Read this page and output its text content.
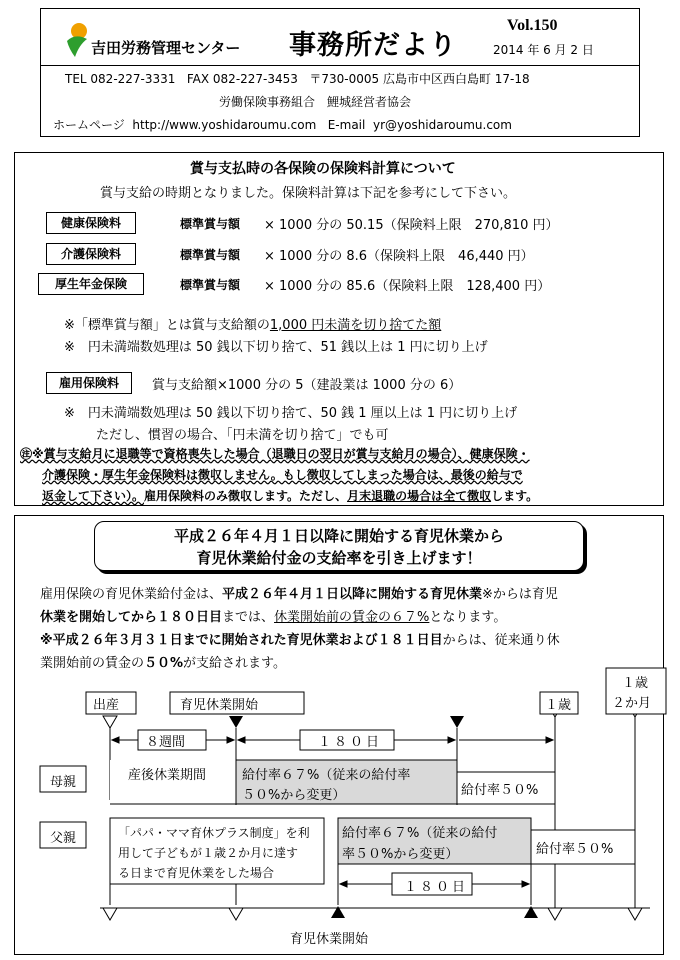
吉田労務管理センター 事務所だより
Vol.150
2014 年 6 月 2 日
TEL 082-227-3331   FAX 082-227-3453   〒730-0005 広島市中区西白島町 17-18
労働保険事務組合　鯉城経営者協会
ホームページ  http://www.yoshidaroumu.com   E-mail  yr@yoshidaroumu.com
賞与支払時の各保険の保険料計算について
賞与支給の時期となりました。保険料計算は下記を参考にして下さい。
健康保険料	標準賞与額 × 1000 分の 50.15（保険料上限　270,810 円）
介護保険料	標準賞与額 × 1000 分の 8.6（保険料上限　46,440 円）
厚生年金保険	標準賞与額 × 1000 分の 85.6（保険料上限　128,400 円）
※「標準賞与額」とは賞与支給額の1,000 円未満を切り捨てた額
※　円未満端数処理は 50 銭以下切り捨て、51 銭以上は 1 円に切り上げ
雇用保険料	賞与支給額×1000 分の 5（建設業は 1000 分の 6）
※　円未満端数処理は 50 銭以下切り捨て、50 銭 1 厘以上は 1 円に切り上げ
ただし、慣習の場合、「円未満を切り捨て」でも可
㊟※賞与支給月に退職等で資格喪失した場合（退職日の翌日が賞与支給月の場合）、健康保険・
介護保険・厚生年金保険料は徴収しません。もし徴収してしまった場合は、最後の給与で
返金して下さい）。雇用保険料のみ徴収します。ただし、月末退職の場合は全て徴収します。
平成２６年４月１日以降に開始する育児休業から
育児休業給付金の支給率を引き上げます！
雇用保険の育児休業給付金は、平成２６年４月１日以降に開始する育児休業※からは育児
休業を開始してから１８０日目までは、休業開始前の賃金の６７%となります。
※平成２６年３月３１日までに開始された育児休業および１８１日目からは、従来通り休
業開始前の賃金の５０%が支給されます。
出産	育児休業開始	１歳
１歳
２か月
８週間	１８０日
母親	産後休業期間	給付率６７%（従来の給付率
５０%から変更）	給付率５０%
父親	「パパ・ママ育休プラス制度」を利
用して子どもが１歳２か月に達す
る日まで育児休業をした場合
給付率６７%（従来の給付
率５０%から変更）	給付率５０%
１８０日
育児休業開始
